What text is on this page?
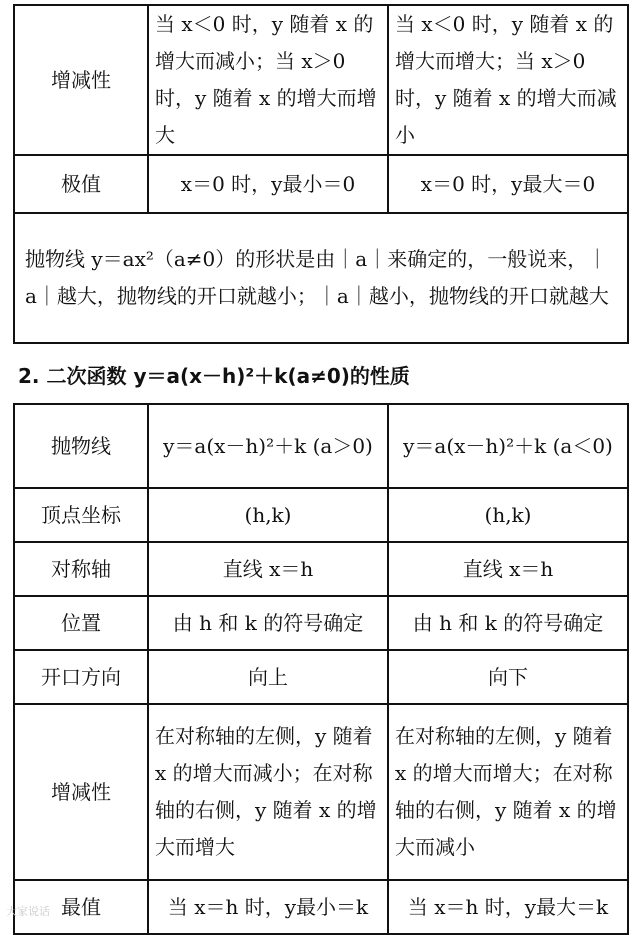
增减性	当 x＜0 时，y 随着 x 的增大而减小；当 x＞0 时，y 随着 x 的增大而增大	当 x＜0 时，y 随着 x 的增大而增大；当 x＞0 时，y 随着 x 的增大而减小
极值	x＝0 时，y最小＝0	x＝0 时，y最大＝0
抛物线 y＝ax²（a≠0）的形状是由｜a｜来确定的，一般说来，｜a｜越大，抛物线的开口就越小；｜a｜越小，抛物线的开口就越大		
2. 二次函数 y＝a(x－h)²＋k(a≠0)的性质
抛物线	y＝a(x－h)²＋k (a＞0)	y＝a(x－h)²＋k (a＜0)
顶点坐标	(h,k)	(h,k)
对称轴	直线 x＝h	直线 x＝h
位置	由 h 和 k 的符号确定	由 h 和 k 的符号确定
开口方向	向上	向下
增减性	在对称轴的左侧，y 随着 x 的增大而减小；在对称轴的右侧，y 随着 x 的增大而增大	在对称轴的左侧，y 随着 x 的增大而增大；在对称轴的右侧，y 随着 x 的增大而减小
最值	当 x＝h 时，y最小＝k	当 x＝h 时，y最大＝k
大家说话
